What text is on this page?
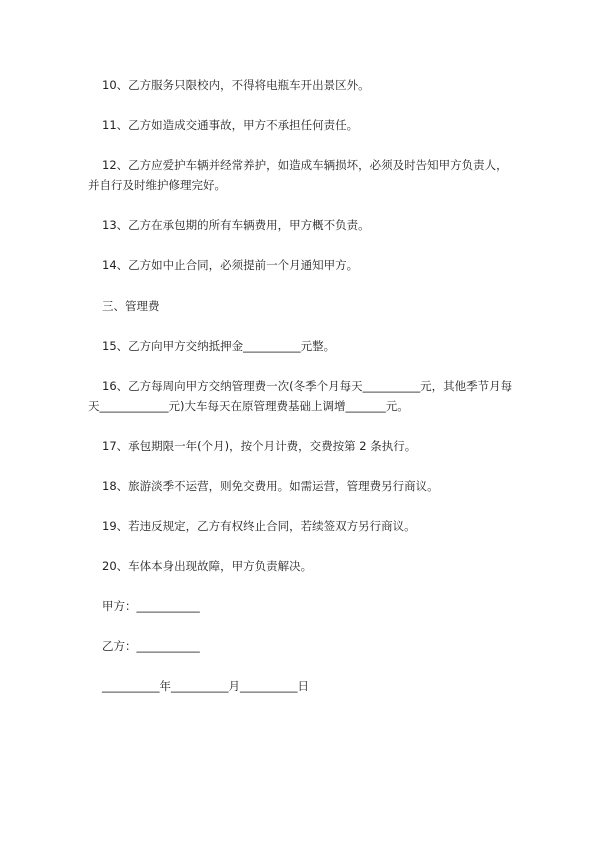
10、乙方服务只限校内，不得将电瓶车开出景区外。
11、乙方如造成交通事故，甲方不承担任何责任。
12、乙方应爱护车辆并经常养护，如造成车辆损坏，必须及时告知甲方负责人，
并自行及时维护修理完好。
13、乙方在承包期的所有车辆费用，甲方概不负责。
14、乙方如中止合同，必须提前一个月通知甲方。
三、管理费
15、乙方向甲方交纳抵押金__________元整。
16、乙方每周向甲方交纳管理费一次(冬季个月每天__________元，其他季节月每
天____________元)大车每天在原管理费基础上调增_______元。
17、承包期限一年(个月)，按个月计费，交费按第 2 条执行。
18、旅游淡季不运营，则免交费用。如需运营，管理费另行商议。
19、若违反规定，乙方有权终止合同，若续签双方另行商议。
20、车体本身出现故障，甲方负责解决。
甲方：___________
乙方：___________
__________年__________月__________日
